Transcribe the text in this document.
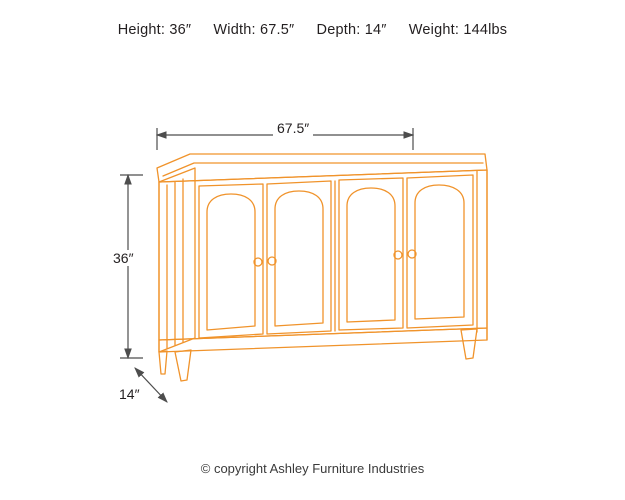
Height: 36″ Width: 67.5″ Depth: 14″ Weight: 144lbs
67.5″
36″
14″
© copyright Ashley Furniture Industries
